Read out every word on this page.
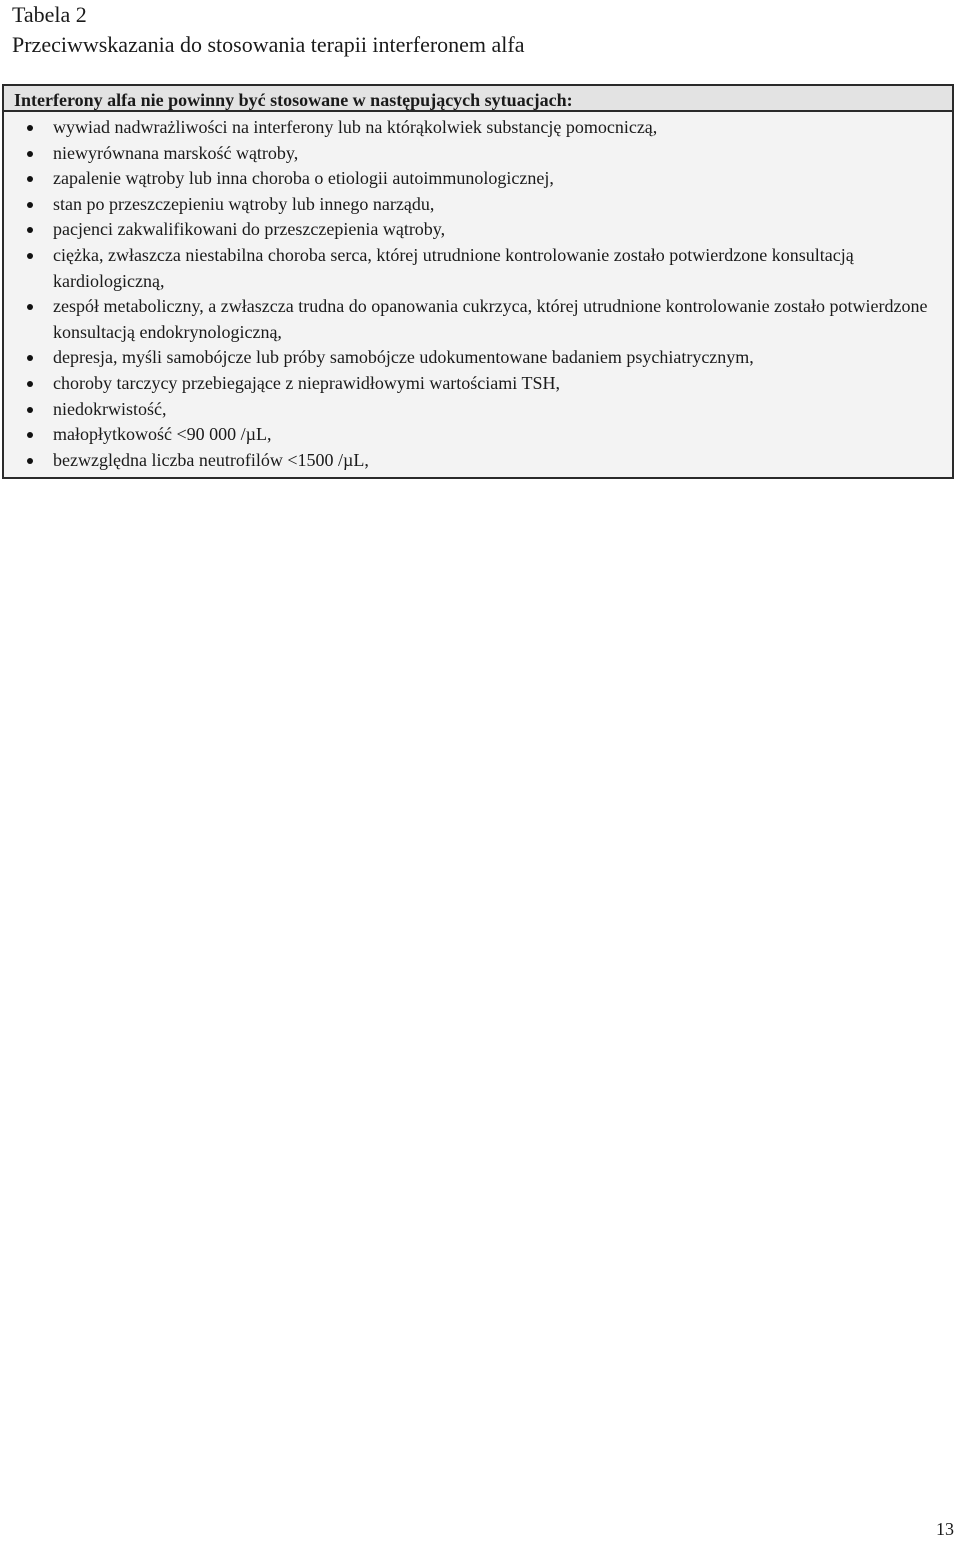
Tabela 2
Przeciwwskazania do stosowania terapii interferonem alfa
Interferony alfa nie powinny być stosowane w następujących sytuacjach:
wywiad nadwrażliwości na interferony lub na którąkolwiek substancję pomocniczą,
niewyrównana marskość wątroby,
zapalenie wątroby lub inna choroba o etiologii autoimmunologicznej,
stan po przeszczepieniu wątroby lub innego narządu,
pacjenci zakwalifikowani do przeszczepienia wątroby,
ciężka, zwłaszcza niestabilna choroba serca, której utrudnione kontrolowanie zostało potwierdzone konsultacją kardiologiczną,
zespół metaboliczny, a zwłaszcza trudna do opanowania cukrzyca, której utrudnione kontrolowanie zostało potwierdzone konsultacją endokrynologiczną,
depresja, myśli samobójcze lub próby samobójcze udokumentowane badaniem psychiatrycznym,
choroby tarczycy przebiegające z nieprawidłowymi wartościami TSH,
niedokrwistość,
małopłytkowość <90 000 /µL,
bezwzględna liczba neutrofilów <1500 /µL,
13
